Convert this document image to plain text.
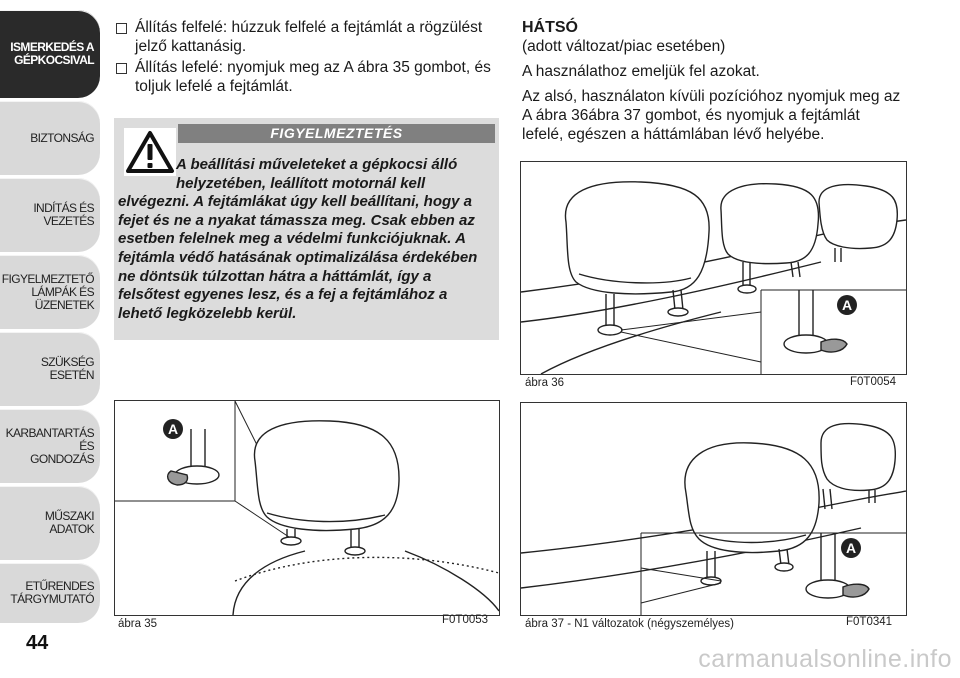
ISMERKEDÉS A
GÉPKOCSIVAL
BIZTONSÁG
INDÍTÁS ÉS VEZETÉS
FIGYELMEZTETŐ
LÁMPÁK ÉS
ÜZENETEK
SZÜKSÉG ESETÉN
KARBANTARTÁS ÉS
GONDOZÁS
MŰSZAKI ADATOK
ETŰRENDES
TÁRGYMUTATÓ
44
Állítás felfelé: húzzuk felfelé a fejtámlát a rögzülést jelző kattanásig.
Állítás lefelé: nyomjuk meg az A ábra 35 gombot, és toljuk lefelé a fejtámlát.
FIGYELMEZTETÉS
A beállítási műveleteket a gépkocsi álló
helyzetében, leállított motornál kell
elvégezni. A fejtámlákat úgy kell beállítani, hogy a fejet és ne a nyakat támassza meg. Csak ebben az esetben felelnek meg a védelmi funkciójuknak. A fejtámla védő hatásának optimalizálása érdekében ne döntsük túlzottan hátra a háttámlát, így a felsőtest egyenes lesz, és a fej a fejtámlához a lehető legközelebb kerül.
HÁTSÓ

(adott változat/piac esetében)

A használathoz emeljük fel azokat.

Az alsó, használaton kívüli pozícióhoz nyomjuk meg az A ábra 36ábra 37 gombot, és nyomjuk a fejtámlát lefelé, egészen a háttámlában lévő helyébe.

A
ábra 36	F0T0054
A
ábra 37 - N1 változatok (négyszemélyes)	F0T0341
A
ábra 35	F0T0053
carmanualsonline.info
